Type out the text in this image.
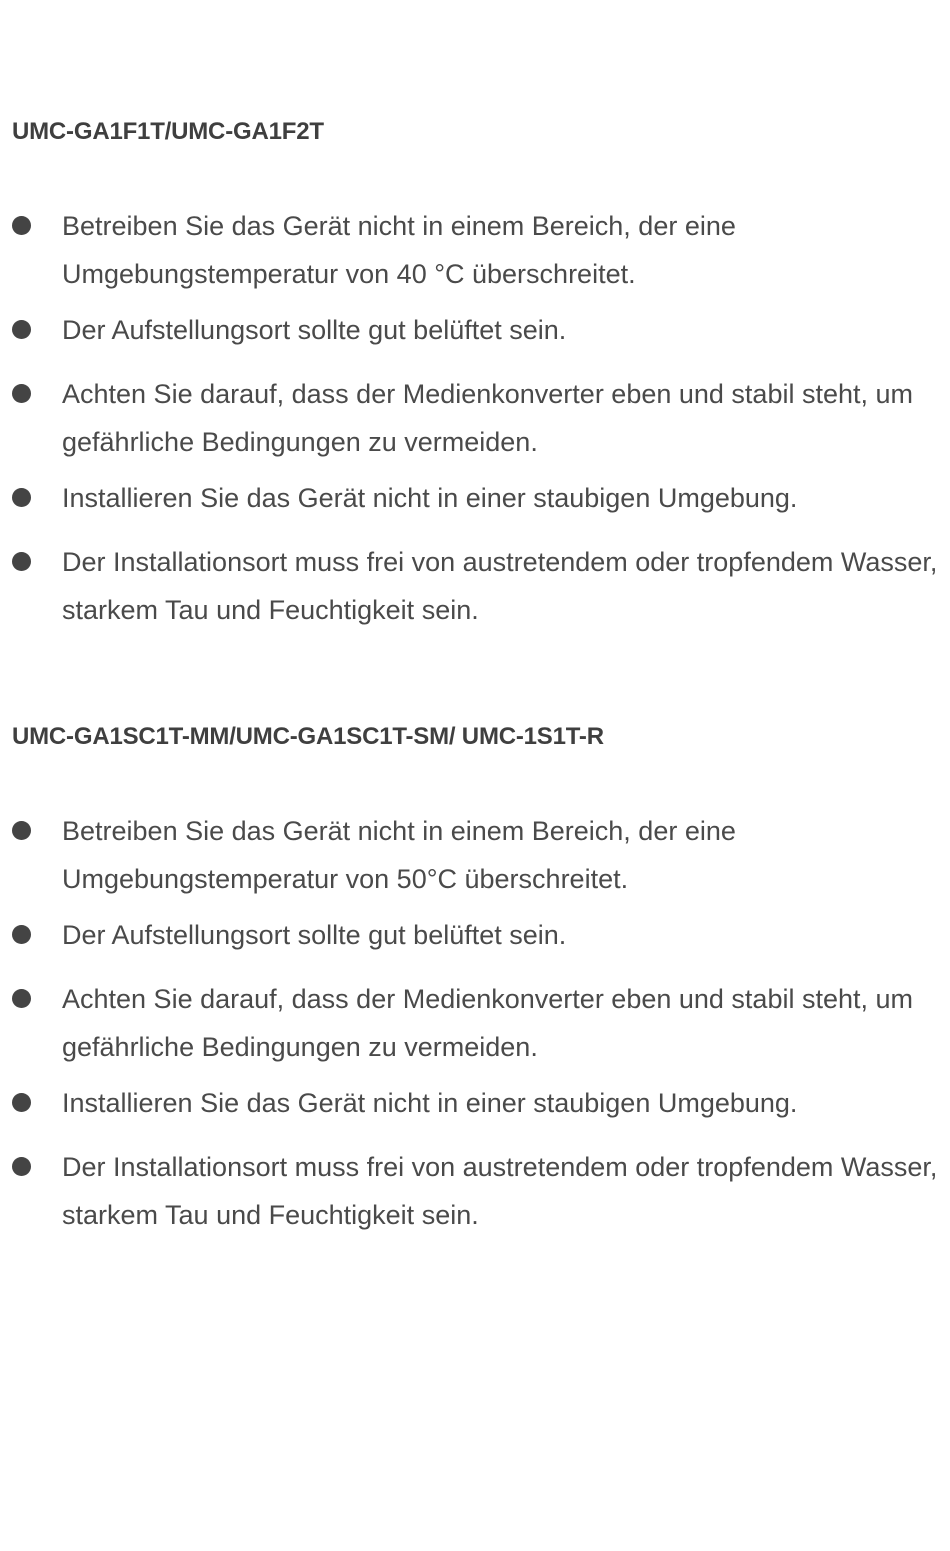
UMC-GA1F1T/UMC-GA1F2T
Betreiben Sie das Gerät nicht in einem Bereich, der eine Umgebungstemperatur von 40 °C überschreitet.
Der Aufstellungsort sollte gut belüftet sein.
Achten Sie darauf, dass der Medienkonverter eben und stabil steht, um gefährliche Bedingungen zu vermeiden.
Installieren Sie das Gerät nicht in einer staubigen Umgebung.
Der Installationsort muss frei von austretendem oder tropfendem Wasser, starkem Tau und Feuchtigkeit sein.
UMC-GA1SC1T-MM/UMC-GA1SC1T-SM/ UMC-1S1T-R
Betreiben Sie das Gerät nicht in einem Bereich, der eine Umgebungstemperatur von 50°C überschreitet.
Der Aufstellungsort sollte gut belüftet sein.
Achten Sie darauf, dass der Medienkonverter eben und stabil steht, um gefährliche Bedingungen zu vermeiden.
Installieren Sie das Gerät nicht in einer staubigen Umgebung.
Der Installationsort muss frei von austretendem oder tropfendem Wasser, starkem Tau und Feuchtigkeit sein.
